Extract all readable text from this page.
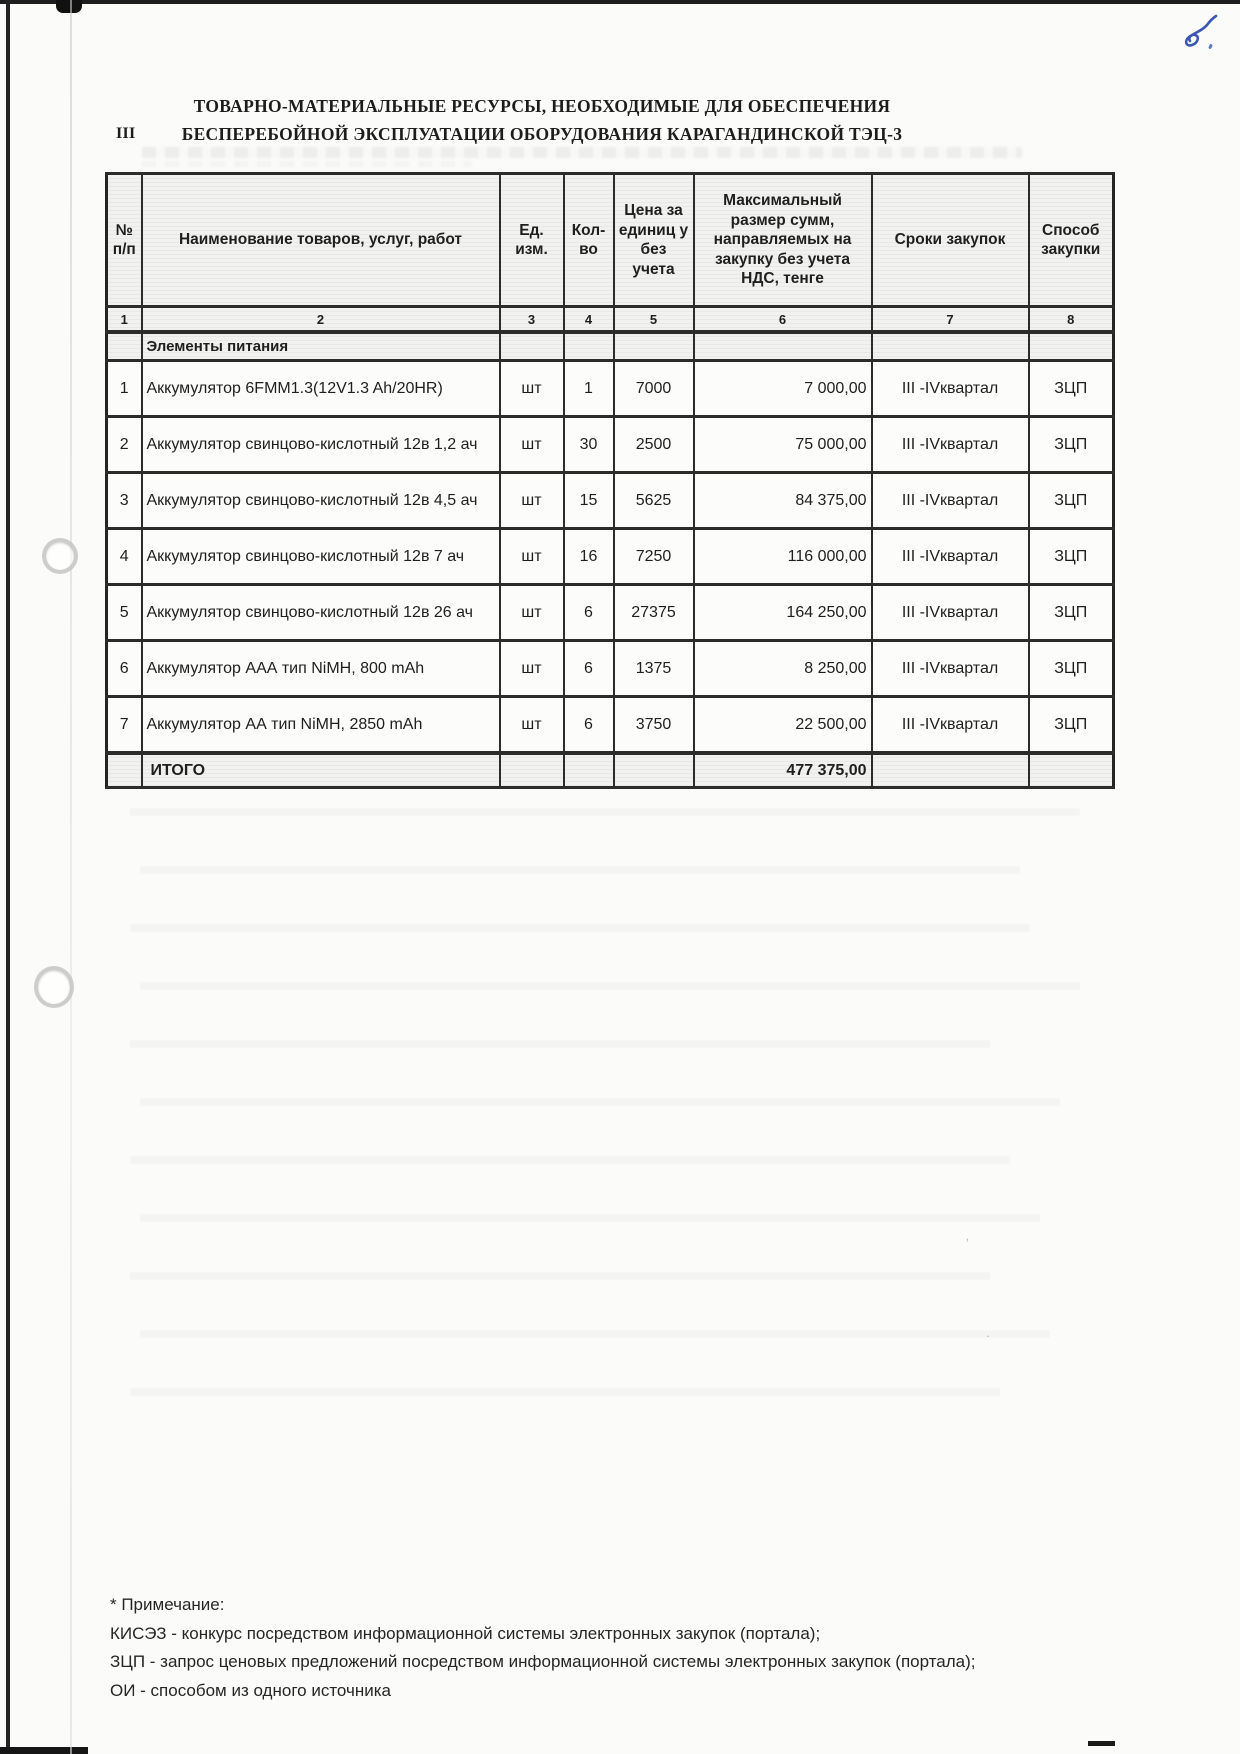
ʼ
·
ТОВАРНО-МАТЕРИАЛЬНЫЕ РЕСУРСЫ, НЕОБХОДИМЫЕ ДЛЯ ОБЕСПЕЧЕНИЯ
III	БЕСПЕРЕБОЙНОЙ ЭКСПЛУАТАЦИИ ОБОРУДОВАНИЯ КАРАГАНДИНСКОЙ ТЭЦ-3
№ п/п	Наименование товаров, услуг, работ	Ед. изм.	Кол-во	Цена за единиц у без учета	Максимальный размер сумм, направляемых на закупку без учета НДС, тенге	Сроки закупок	Способ закупки
1	2	3	4	5	6	7	8
	Элементы питания						
1	Аккумулятор 6FMM1.3(12V1.3 Ah/20HR)	шт	1	7000	7 000,00	III -IVквартал	ЗЦП
2	Аккумулятор свинцово-кислотный 12в 1,2 ач	шт	30	2500	75 000,00	III -IVквартал	ЗЦП
3	Аккумулятор свинцово-кислотный 12в 4,5 ач	шт	15	5625	84 375,00	III -IVквартал	ЗЦП
4	Аккумулятор свинцово-кислотный 12в 7 ач	шт	16	7250	116 000,00	III -IVквартал	ЗЦП
5	Аккумулятор свинцово-кислотный 12в 26 ач	шт	6	27375	164 250,00	III -IVквартал	ЗЦП
6	Аккумулятор ААА тип NiMH, 800 mAh	шт	6	1375	8 250,00	III -IVквартал	ЗЦП
7	Аккумулятор АА тип NiMH, 2850 mAh	шт	6	3750	22 500,00	III -IVквартал	ЗЦП
	ИТОГО				477 375,00		
* Примечание:
КИСЭЗ - конкурс посредством информационной системы электронных закупок (портала);
ЗЦП - запрос ценовых предложений посредством информационной системы электронных закупок (портала);
ОИ - способом из одного источника
